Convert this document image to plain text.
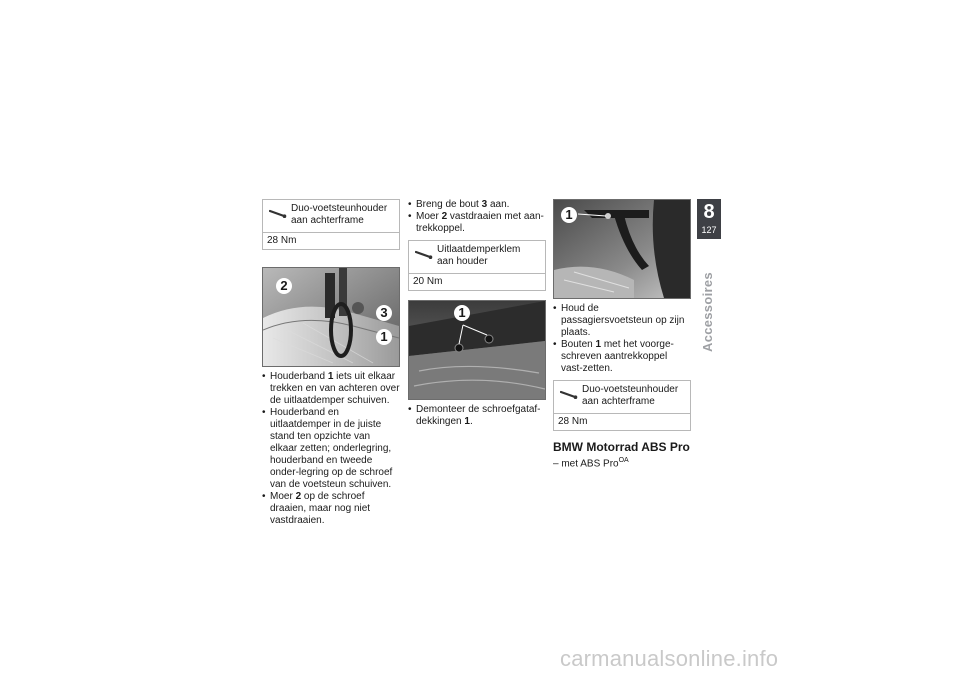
Duo-voetsteunhouder aan achterframe
28 Nm
2
3
1
• Houderband 1 iets uit elkaar trekken en van achteren over de uitlaatdemper schuiven.
• Houderband en uitlaatdemper in de juiste stand ten opzichte van elkaar zetten; onderlegring, houderband en tweede onder-legring op de schroef van de voetsteun schuiven.
• Moer 2 op de schroef draaien, maar nog niet vastdraaien.
• Breng de bout 3 aan.
• Moer 2 vastdraaien met aan-trekkoppel.
Uitlaatdemperklem aan houder
20 Nm
1
• Demonteer de schroefgataf-dekkingen 1.
1
• Houd de passagiersvoetsteun op zijn plaats.
• Bouten 1 met het voorge-schreven aantrekkoppel vast-zetten.
Duo-voetsteunhouder aan achterframe
28 Nm
BMW Motorrad ABS Pro
– met ABS Pro$^{OA}$
8
127
Accessoires
carmanualsonline.info
